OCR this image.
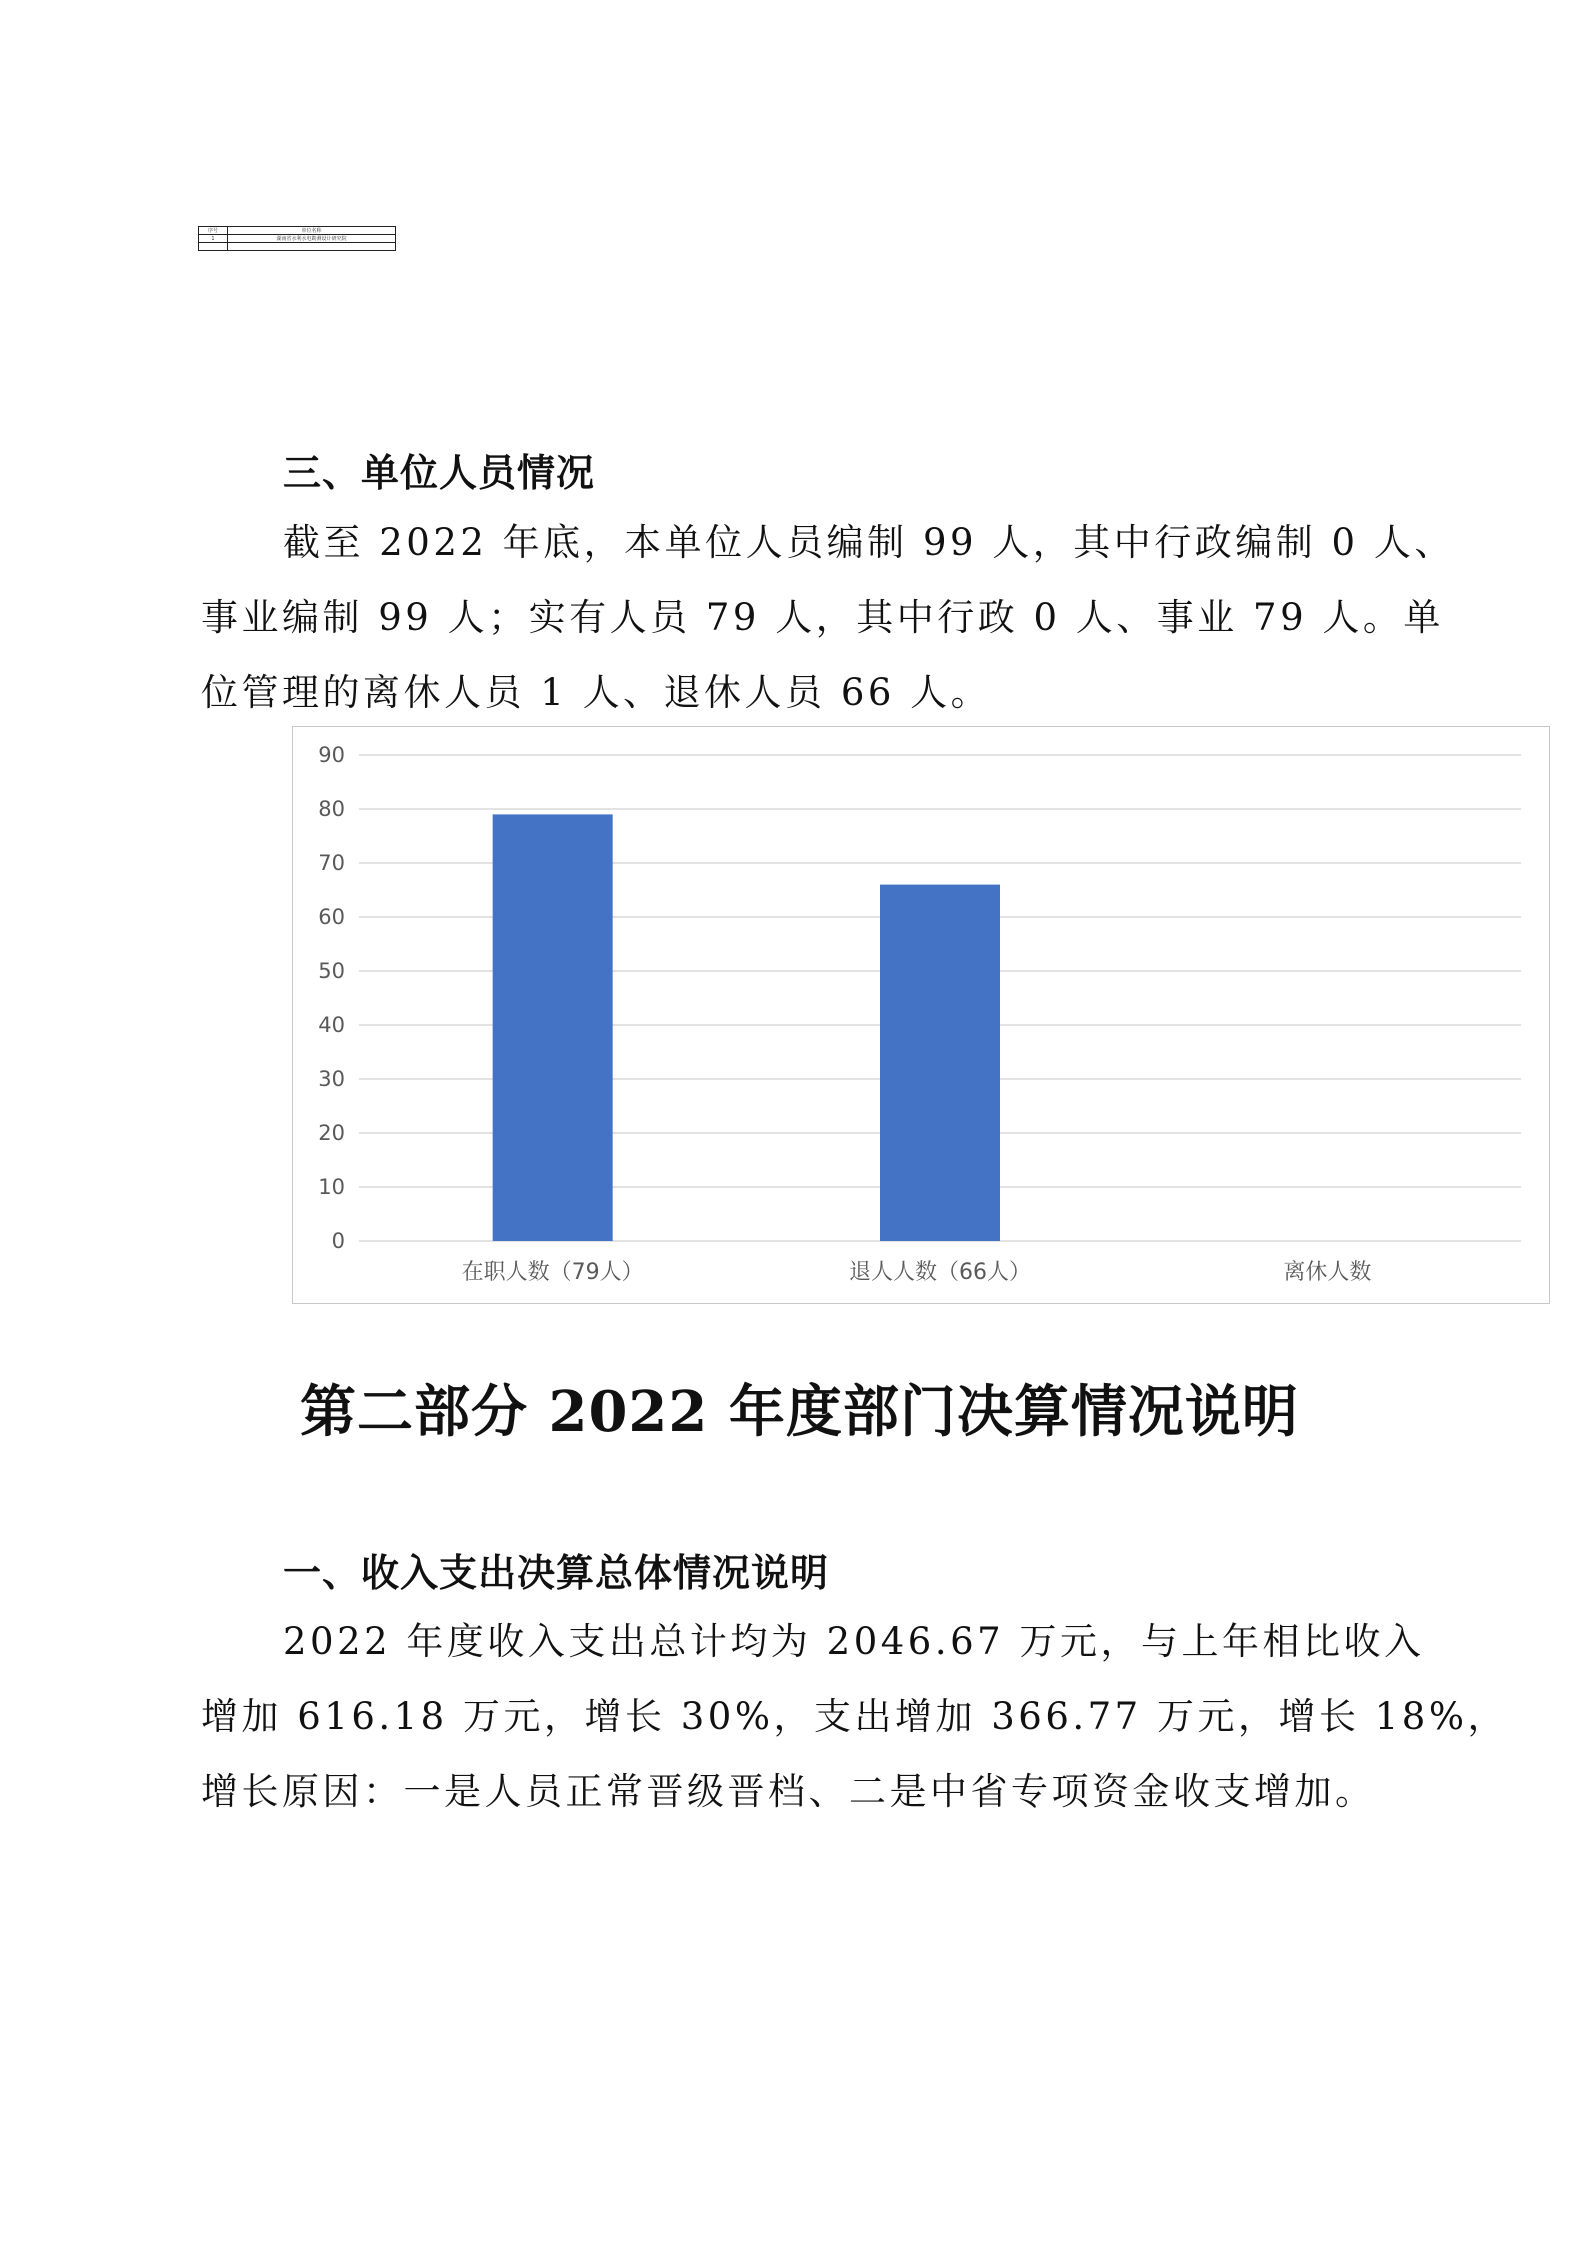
序号	单位名称
1	湖南省水利水电勘测设计研究院

三、单位人员情况

截至 2022 年底，本单位人员编制 99 人，其中行政编制 0 人、

事业编制 99 人；实有人员 79 人，其中行政 0 人、事业 79 人。单

位管理的离休人员 1 人、退休人员 66 人。

0
10
20
30
40
50
60
70
80
90
在职人数（79人）	退人人数（66人）	离休人数
第二部分 2022 年度部门决算情况说明
一、收入支出决算总体情况说明

2022 年度收入支出总计均为 2046.67 万元，与上年相比收入

增加 616.18 万元，增长 30%，支出增加 366.77 万元，增长 18%，

增长原因：一是人员正常晋级晋档、二是中省专项资金收支增加。
